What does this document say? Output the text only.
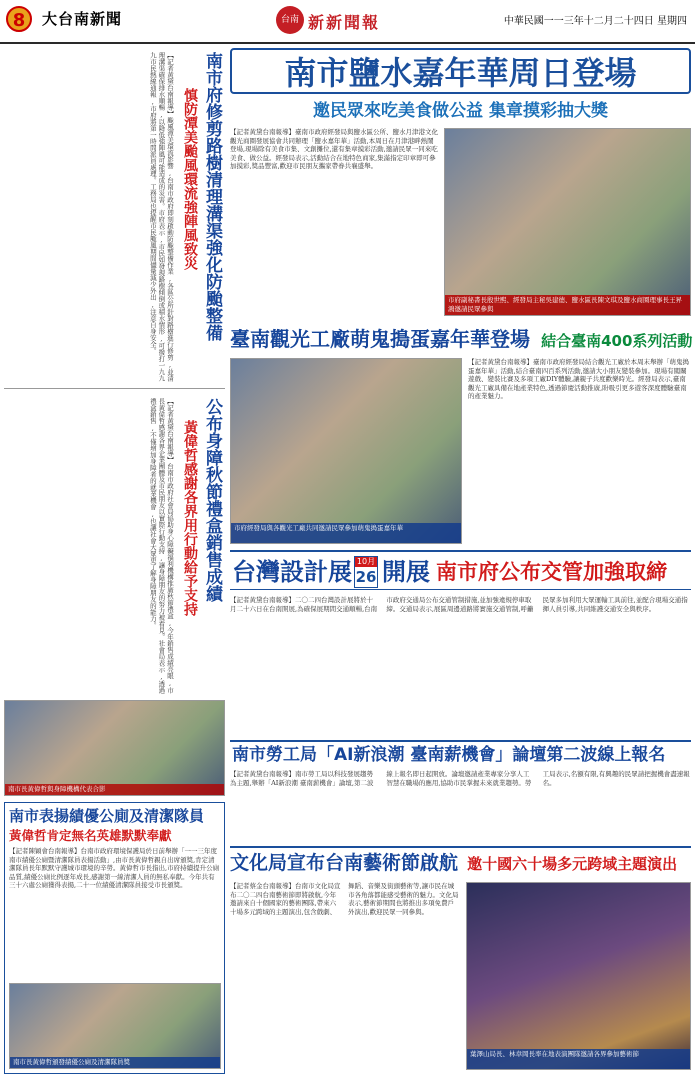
8	大台南新聞	台南 新新聞報	中華民國一一三年十二月二十四日 星期四
南市府修剪路樹清理溝渠強化防颱整備
慎防潭美颱風環流強陣風致災
【記者黃黛台南報導】颱風潭美環流影響,台南市政府即刻啟動防颱整備作業,各區公所針對路樹進行修剪,並清理溝渠確保排水順暢,以降低強陣風可能造成的災害。市府表示,市民如發現路樹傾倒或積水情形,可撥打一九九九市民熱線通報,市府將第一時間派員處理。工務局也提醒市民颱風期間儘量減少外出,注意自身安全。
公布身障秋節禮盒銷售成績
黃偉哲感謝各界用行動給予支持
【記者黃黛台南報導】台南市政府社會局協助身心障礙福利機構推廣秋節禮盒,今年銷售成績亮眼,市長黃偉哲感謝各界企業團體及市民朋友以實際行動支持,讓身障朋友的努力被看見。社會局表示,透過禮盒銷售,不僅增加身障者的就業機會,也讓社會大眾更了解身障朋友的能力。
南市長黃偉哲與身障機構代表合影
南市表揚績優公廁及清潔隊員
黃偉哲肯定無名英雄默默奉獻
【記者陳穎會台南報導】台南市政府環境保護局於日前舉辦「一一三年度南市績優公廁暨清潔隊員表揚活動」,由市長黃偉哲親自出席頒獎,肯定清潔隊員長年默默守護城市環境的辛勞。黃偉哲市長指出,市府持續提升公廁品質,績優公廁比例逐年成長,感謝第一線清潔人員的無私奉獻。今年共有三十六處公廁獲得表揚,二十一位績優清潔隊員接受市長頒獎。
南市長黃偉哲頒發績優公廁及清潔隊員獎
南市鹽水嘉年華周日登場
邀民眾來吃美食做公益 集章摸彩抽大獎
【記者黃黛台南報導】臺南市政府經發局與鹽水區公所、鹽水月津港文化觀光商圈發展協會共同辦理「鹽水嘉年華」活動,本周日在月津港畔熱鬧登場,現場除有美食市集、文創攤位,還有集章摸彩活動,邀請民眾一同來吃美食、做公益。經發局表示,活動結合在地特色商家,集滿指定印章即可參加摸彩,獎品豐富,歡迎市民朋友攜家帶眷共襄盛舉。
市府副秘書長殷世熙、經發局主秘吳建德、鹽水區長陳文琪及鹽水商圈理事長王昇鴻邀請民眾參與
臺南觀光工廠萌鬼搗蛋嘉年華登場 結合臺南400系列活動
市府經發局與各觀光工廠共同邀請民眾參加萌鬼搗蛋嘉年華
【記者黃黛台南報導】臺南市政府經發局結合觀光工廠於本周末舉辦「萌鬼搗蛋嘉年華」活動,結合臺南四百系列活動,邀請大小朋友變裝參加。現場有闖關遊戲、變裝比賽及多項工廠DIY體驗,讓親子共度歡樂時光。經發局表示,臺南觀光工廠具備在地產業特色,透過節慶活動推廣,盼吸引更多遊客深度體驗臺南的產業魅力。
台灣設計展 10月
26 開展 南市府公布交管加強取締
【記者黃黛台南報導】二〇二四台灣設計展將於十月二十六日在台南開展,為確保展期間交通順暢,台南市政府交通局公布交通管制措施,並加強違規停車取締。交通局表示,展區周邊道路將實施交通管制,呼籲民眾多加利用大眾運輸工具前往,並配合現場交通指揮人員引導,共同維護交通安全與秩序。
南市勞工局「AI新浪潮 臺南薪機會」論壇第二波線上報名
【記者黃黛台南報導】南市勞工局以科技發展趨勢為主題,舉辦「AI新浪潮 臺南薪機會」論壇,第二波線上報名即日起開放。論壇邀請產業專家分享人工智慧在職場的應用,協助市民掌握未來就業趨勢。勞工局表示,名額有限,有興趣的民眾請把握機會盡速報名。
文化局宣布台南藝術節啟航 邀十國六十場多元跨域主題演出
【記者蔡金台南報導】台南市文化局宣布二〇二四台南藝術節即將啟航,今年邀請來自十個國家的藝術團隊,帶來六十場多元跨域的主題演出,包含戲劇、舞蹈、音樂及街頭藝術等,讓市民在城市各角落都能感受藝術的魅力。文化局表示,藝術節期間也將推出多項免費戶外演出,歡迎民眾一同參與。
葉澤山局長、林韋岡長率在地表演團隊邀請各界參加藝術節
